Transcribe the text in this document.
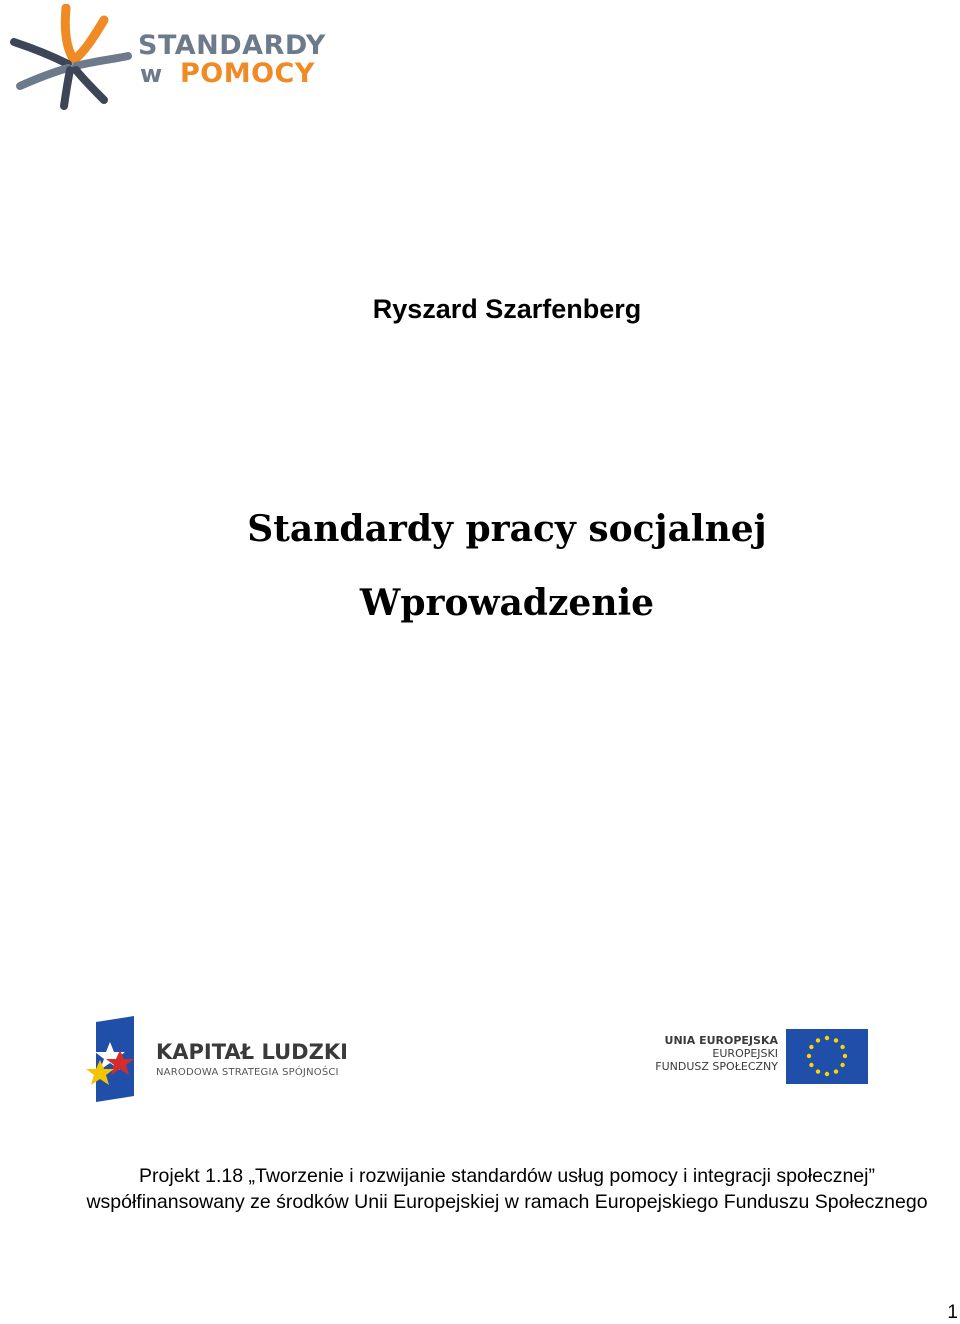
STANDARDY
w POMOCY
Ryszard Szarfenberg
Standardy pracy socjalnej
Wprowadzenie
KAPITAŁ LUDZKI
NARODOWA STRATEGIA SPÓJNOŚCI
UNIA EUROPEJSKA
EUROPEJSKI
FUNDUSZ SPOŁECZNY
Projekt 1.18 „Tworzenie i rozwijanie standardów usług pomocy i integracji społecznej”
współfinansowany ze środków Unii Europejskiej w ramach Europejskiego Funduszu Społecznego
1
